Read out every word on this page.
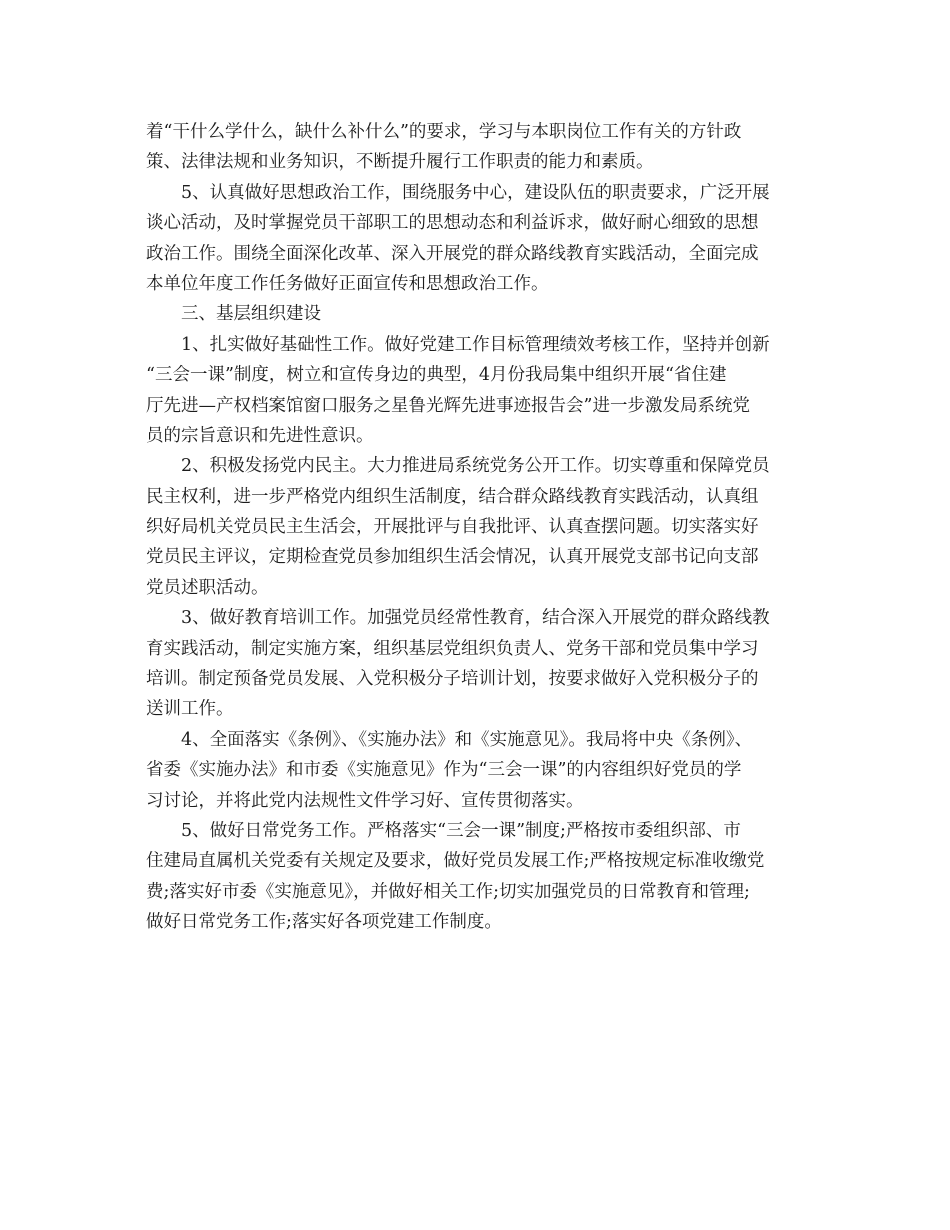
着“干什么学什么，缺什么补什么”的要求，学习与本职岗位工作有关的方针政
策、法律法规和业务知识，不断提升履行工作职责的能力和素质。
5、认真做好思想政治工作，围绕服务中心，建设队伍的职责要求，广泛开展
谈心活动，及时掌握党员干部职工的思想动态和利益诉求，做好耐心细致的思想
政治工作。围绕全面深化改革、深入开展党的群众路线教育实践活动，全面完成
本单位年度工作任务做好正面宣传和思想政治工作。
三、基层组织建设
1、扎实做好基础性工作。做好党建工作目标管理绩效考核工作，坚持并创新
“三会一课”制度，树立和宣传身边的典型，4月份我局集中组织开展“省住建
厅先进—产权档案馆窗口服务之星鲁光辉先进事迹报告会”进一步激发局系统党
员的宗旨意识和先进性意识。
2、积极发扬党内民主。大力推进局系统党务公开工作。切实尊重和保障党员
民主权利，进一步严格党内组织生活制度，结合群众路线教育实践活动，认真组
织好局机关党员民主生活会，开展批评与自我批评、认真查摆问题。切实落实好
党员民主评议，定期检查党员参加组织生活会情况，认真开展党支部书记向支部
党员述职活动。
3、做好教育培训工作。加强党员经常性教育，结合深入开展党的群众路线教
育实践活动，制定实施方案，组织基层党组织负责人、党务干部和党员集中学习
培训。制定预备党员发展、入党积极分子培训计划，按要求做好入党积极分子的
送训工作。
4、全面落实《条例》、《实施办法》和《实施意见》。我局将中央《条例》、
省委《实施办法》和市委《实施意见》作为“三会一课”的内容组织好党员的学
习讨论，并将此党内法规性文件学习好、宣传贯彻落实。
5、做好日常党务工作。严格落实“三会一课”制度;严格按市委组织部、市
住建局直属机关党委有关规定及要求，做好党员发展工作;严格按规定标准收缴党
费;落实好市委《实施意见》，并做好相关工作;切实加强党员的日常教育和管理;
做好日常党务工作;落实好各项党建工作制度。
